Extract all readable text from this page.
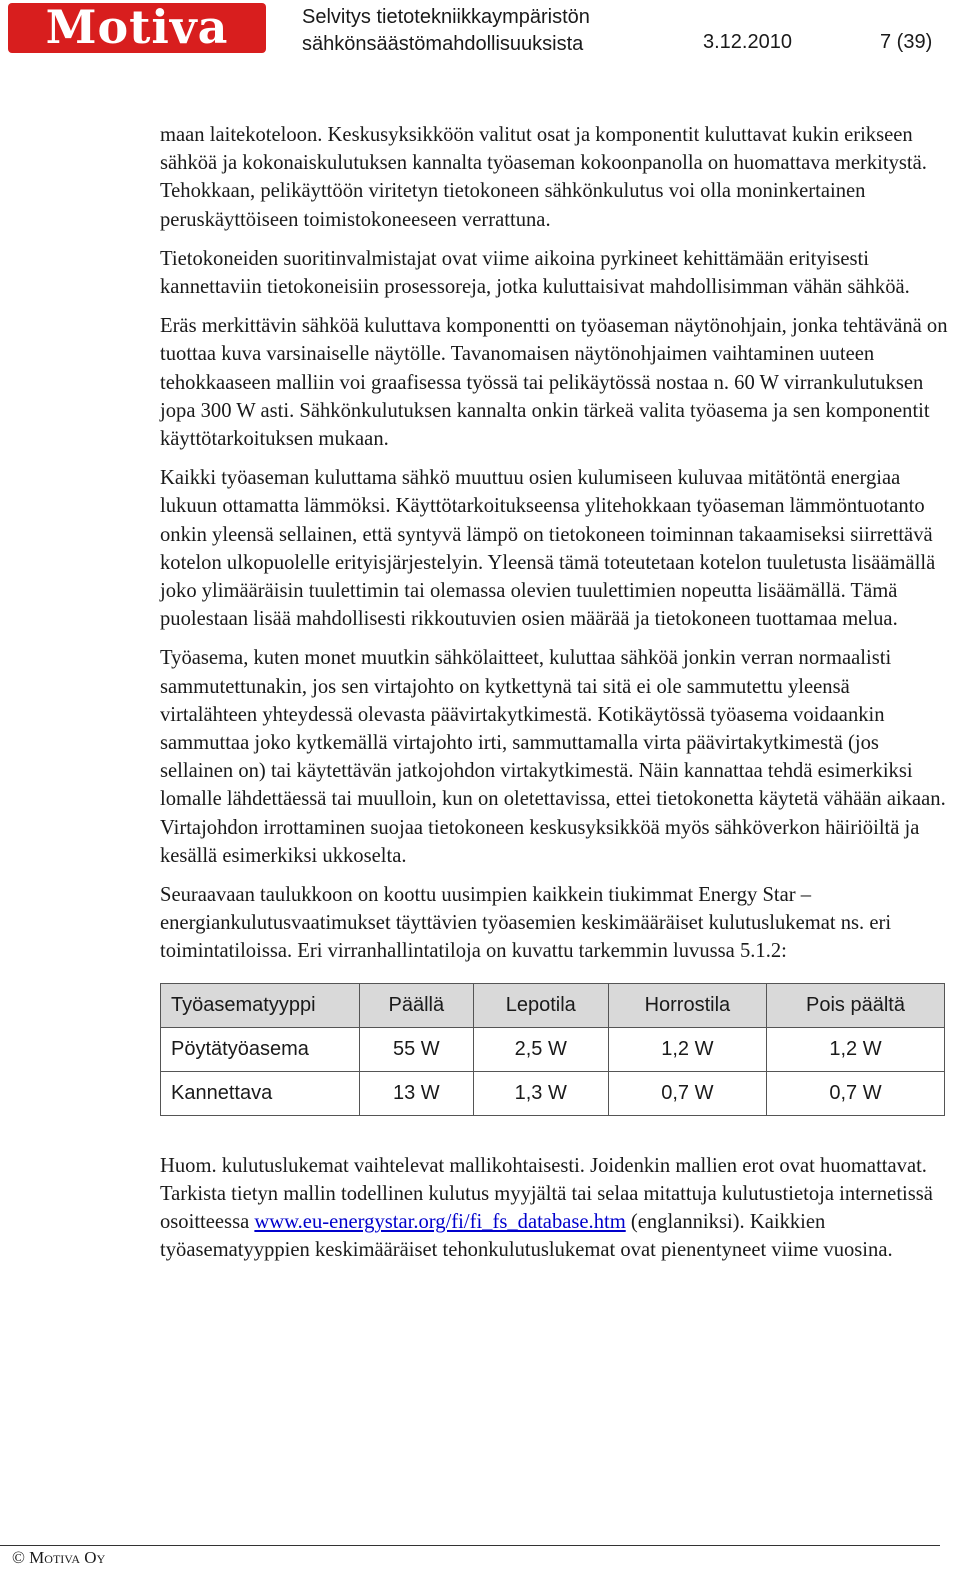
Motiva	Selvitys tietotekniikkaympäristön
sähkönsäästömahdollisuuksista	3.12.2010	7 (39)

maan laitekoteloon. Keskusyksikköön valitut osat ja komponentit kuluttavat kukin erikseen sähköä ja kokonaiskulutuksen kannalta työaseman kokoonpanolla on huomattava merkitystä. Tehokkaan, pelikäyttöön viritetyn tietokoneen sähkönkulutus voi olla moninkertainen peruskäyttöiseen toimistokoneeseen verrattuna.

Tietokoneiden suoritinvalmistajat ovat viime aikoina pyrkineet kehittämään erityisesti kannettaviin tietokoneisiin prosessoreja, jotka kuluttaisivat mahdollisimman vähän sähköä.

Eräs merkittävin sähköä kuluttava komponentti on työaseman näytönohjain, jonka tehtävänä on tuottaa kuva varsinaiselle näytölle. Tavanomaisen näytönohjaimen vaihtaminen uuteen tehokkaaseen malliin voi graafisessa työssä tai pelikäytössä nostaa n. 60 W virrankulutuksen jopa 300 W asti. Sähkönkulutuksen kannalta onkin tärkeä valita työasema ja sen komponentit käyttötarkoituksen mukaan.

Kaikki työaseman kuluttama sähkö muuttuu osien kulumiseen kuluvaa mitätöntä energiaa lukuun ottamatta lämmöksi. Käyttötarkoitukseensa ylitehokkaan työaseman lämmöntuotanto onkin yleensä sellainen, että syntyvä lämpö on tietokoneen toiminnan takaamiseksi siirrettävä kotelon ulkopuolelle erityisjärjestelyin. Yleensä tämä toteutetaan kotelon tuuletusta lisäämällä joko ylimääräisin tuulettimin tai olemassa olevien tuulettimien nopeutta lisäämällä. Tämä puolestaan lisää mahdollisesti rikkoutuvien osien määrää ja tietokoneen tuottamaa melua.

Työasema, kuten monet muutkin sähkölaitteet, kuluttaa sähköä jonkin verran normaalisti sammutettunakin, jos sen virtajohto on kytkettynä tai sitä ei ole sammutettu yleensä virtalähteen yhteydessä olevasta päävirtakytkimestä. Kotikäytössä työasema voidaankin sammuttaa joko kytkemällä virtajohto irti, sammuttamalla virta päävirtakytkimestä (jos sellainen on) tai käytettävän jatkojohdon virtakytkimestä. Näin kannattaa tehdä esimerkiksi lomalle lähdettäessä tai muulloin, kun on oletettavissa, ettei tietokonetta käytetä vähään aikaan. Virtajohdon irrottaminen suojaa tietokoneen keskusyksikköä myös sähköverkon häiriöiltä ja kesällä esimerkiksi ukkoselta.

Seuraavaan taulukkoon on koottu uusimpien kaikkein tiukimmat Energy Star –energiankulutusvaatimukset täyttävien työasemien keskimääräiset kulutuslukemat ns. eri toimintatiloissa. Eri virranhallintatiloja on kuvattu tarkemmin luvussa 5.1.2:

Työasematyyppi	Päällä	Lepotila	Horrostila	Pois päältä
Pöytätyöasema	55 W	2,5 W	1,2 W	1,2 W
Kannettava	13 W	1,3 W	0,7 W	0,7 W

Huom. kulutuslukemat vaihtelevat mallikohtaisesti. Joidenkin mallien erot ovat huomattavat. Tarkista tietyn mallin todellinen kulutus myyjältä tai selaa mitattuja kulutustietoja internetissä osoitteessa www.eu-energystar.org/fi/fi_fs_database.htm (englanniksi). Kaikkien työasematyyppien keskimääräiset tehonkulutuslukemat ovat pienentyneet viime vuosina.

© Motiva Oy
